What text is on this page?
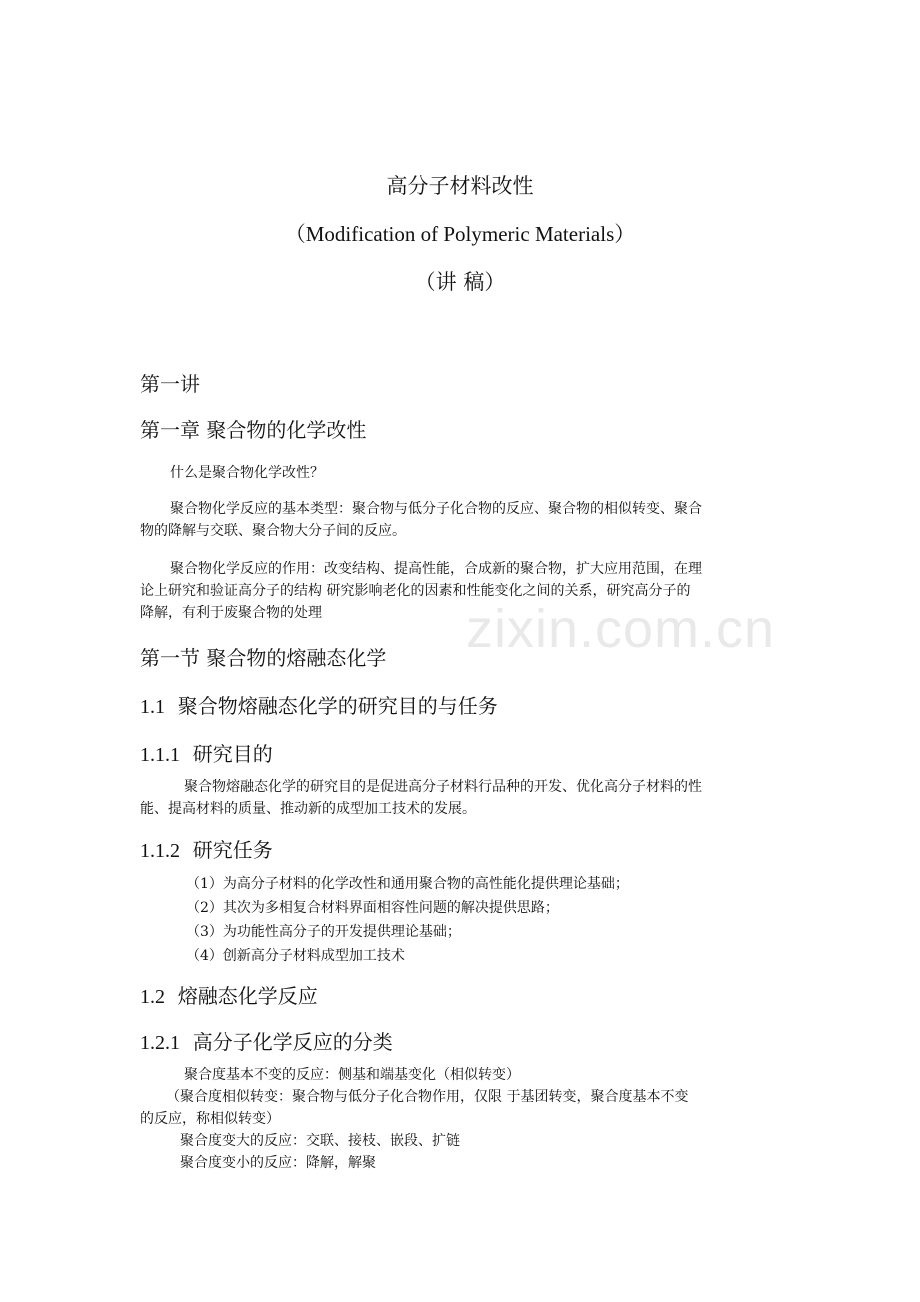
高分子材料改性
（Modification of Polymeric Materials）
（讲 稿）
第一讲
第一章 聚合物的化学改性
什么是聚合物化学改性？
聚合物化学反应的基本类型：聚合物与低分子化合物的反应、聚合物的相似转变、聚合
物的降解与交联、聚合物大分子间的反应。
聚合物化学反应的作用：改变结构、提高性能，合成新的聚合物，扩大应用范围，在理
论上研究和验证高分子的结构 研究影响老化的因素和性能变化之间的关系，研究高分子的
降解，有利于废聚合物的处理
第一节 聚合物的熔融态化学
1.1 聚合物熔融态化学的研究目的与任务
1.1.1 研究目的
聚合物熔融态化学的研究目的是促进高分子材料行品种的开发、优化高分子材料的性
能、提高材料的质量、推动新的成型加工技术的发展。
1.1.2 研究任务
（1）为高分子材料的化学改性和通用聚合物的高性能化提供理论基础；
（2）其次为多相复合材料界面相容性问题的解决提供思路；
（3）为功能性高分子的开发提供理论基础；
（4）创新高分子材料成型加工技术
1.2 熔融态化学反应
1.2.1 高分子化学反应的分类
聚合度基本不变的反应：侧基和端基变化（相似转变）
（聚合度相似转变：聚合物与低分子化合物作用，仅限 于基团转变，聚合度基本不变
的反应，称相似转变）
聚合度变大的反应：交联、接枝、嵌段、扩链
聚合度变小的反应：降解，解聚
zixin.com.cn
